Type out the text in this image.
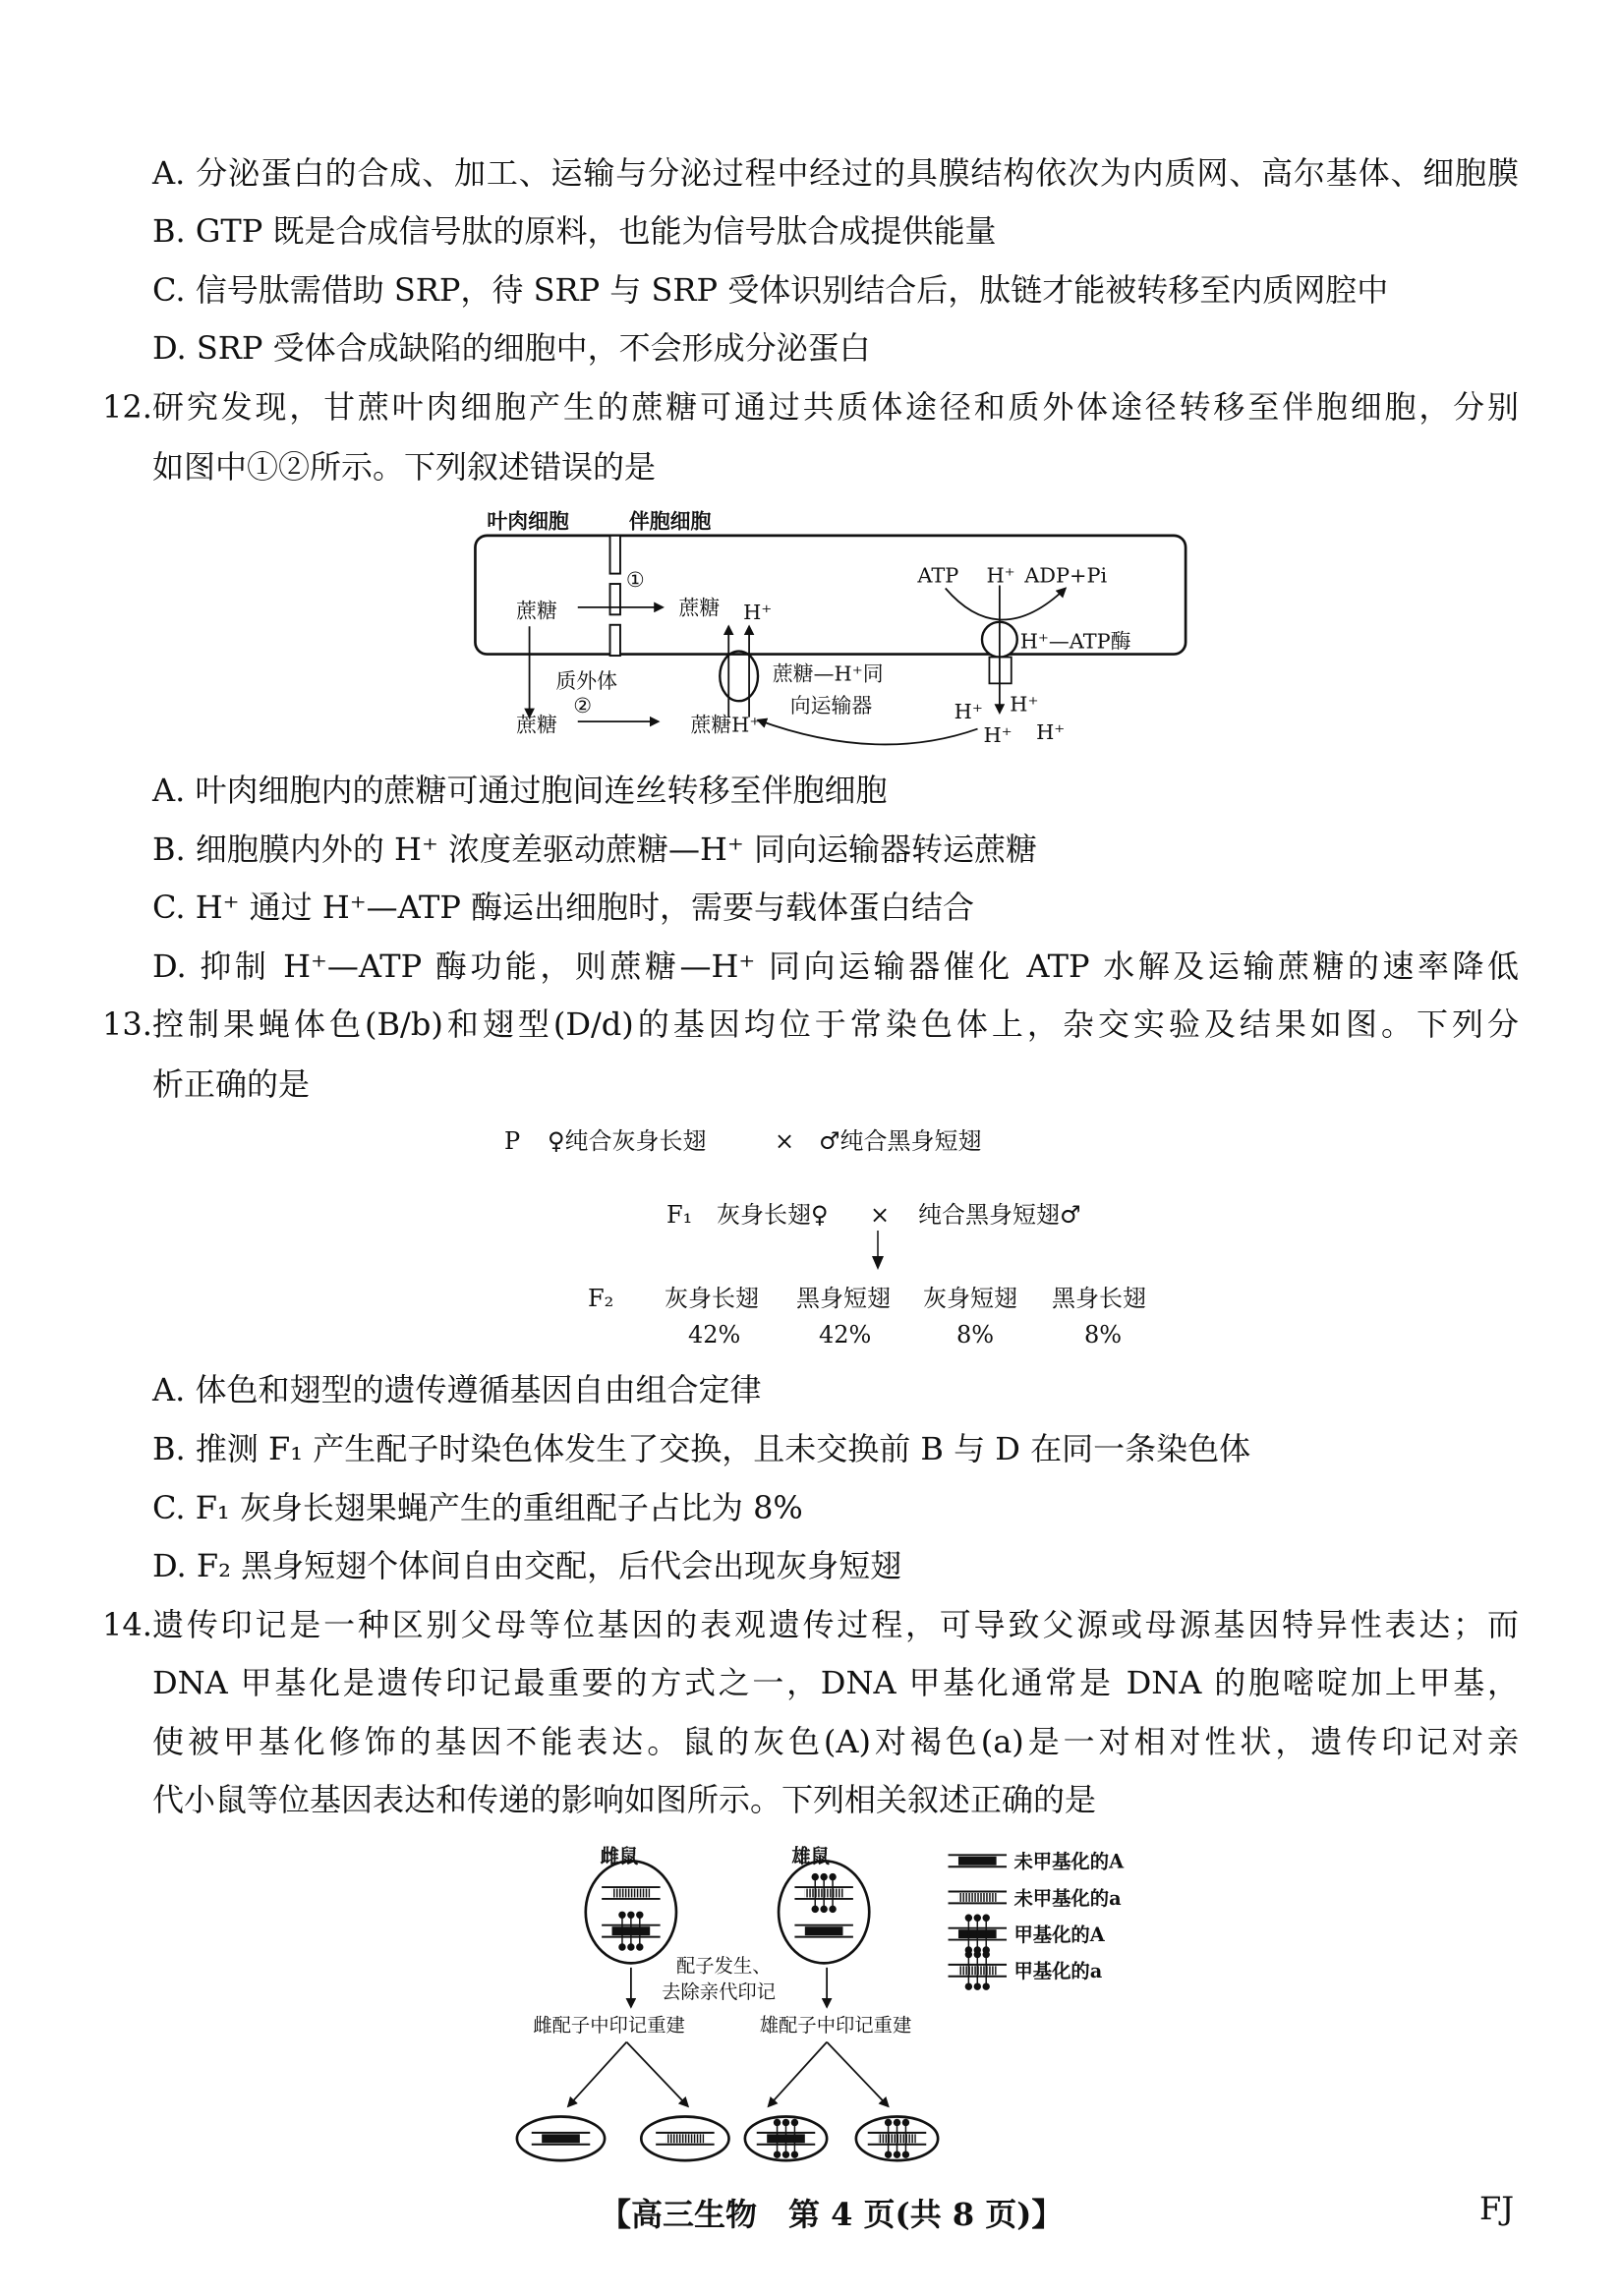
A. 分泌蛋白的合成、加工、运输与分泌过程中经过的具膜结构依次为内质网、高尔基体、细胞膜
B. GTP 既是合成信号肽的原料，也能为信号肽合成提供能量
C. 信号肽需借助 SRP，待 SRP 与 SRP 受体识别结合后，肽链才能被转移至内质网腔中
D. SRP 受体合成缺陷的细胞中，不会形成分泌蛋白
12. 研究发现，甘蔗叶肉细胞产生的蔗糖可通过共质体途径和质外体途径转移至伴胞细胞，分别
如图中①②所示。下列叙述错误的是
叶肉细胞	伴胞细胞
①
蔗糖	蔗糖 H⁺
质外体
②
蔗糖	蔗糖H⁺
蔗糖—H⁺同
向运输器
ATP H⁺ ADP+Pi
H⁺—ATP酶
H⁺
H⁺
H⁺ H⁺
A. 叶肉细胞内的蔗糖可通过胞间连丝转移至伴胞细胞
B. 细胞膜内外的 H⁺ 浓度差驱动蔗糖—H⁺ 同向运输器转运蔗糖
C. H⁺ 通过 H⁺—ATP 酶运出细胞时，需要与载体蛋白结合
D. 抑制 H⁺—ATP 酶功能，则蔗糖—H⁺ 同向运输器催化 ATP 水解及运输蔗糖的速率降低
13. 控制果蝇体色(B/b)和翅型(D/d)的基因均位于常染色体上，杂交实验及结果如图。下列分
析正确的是
P ♀纯合灰身长翅	× ♂纯合黑身短翅
F₁ 灰身长翅♀ × 纯合黑身短翅♂
F₂ 灰身长翅 黑身短翅 灰身短翅 黑身长翅
42%	42%	8%	8%
A. 体色和翅型的遗传遵循基因自由组合定律
B. 推测 F₁ 产生配子时染色体发生了交换，且未交换前 B 与 D 在同一条染色体
C. F₁ 灰身长翅果蝇产生的重组配子占比为 8%
D. F₂ 黑身短翅个体间自由交配，后代会出现灰身短翅
14. 遗传印记是一种区别父母等位基因的表观遗传过程，可导致父源或母源基因特异性表达；而
DNA 甲基化是遗传印记最重要的方式之一，DNA 甲基化通常是 DNA 的胞嘧啶加上甲基，
使被甲基化修饰的基因不能表达。鼠的灰色(A)对褐色(a)是一对相对性状，遗传印记对亲
代小鼠等位基因表达和传递的影响如图所示。下列相关叙述正确的是
雌鼠	雄鼠	未甲基化的A
未甲基化的a
甲基化的A
甲基化的a
配子发生、
去除亲代印记
雌配子中印记重建	雄配子中印记重建
【高三生物　第 4 页(共 8 页)】	FJ
